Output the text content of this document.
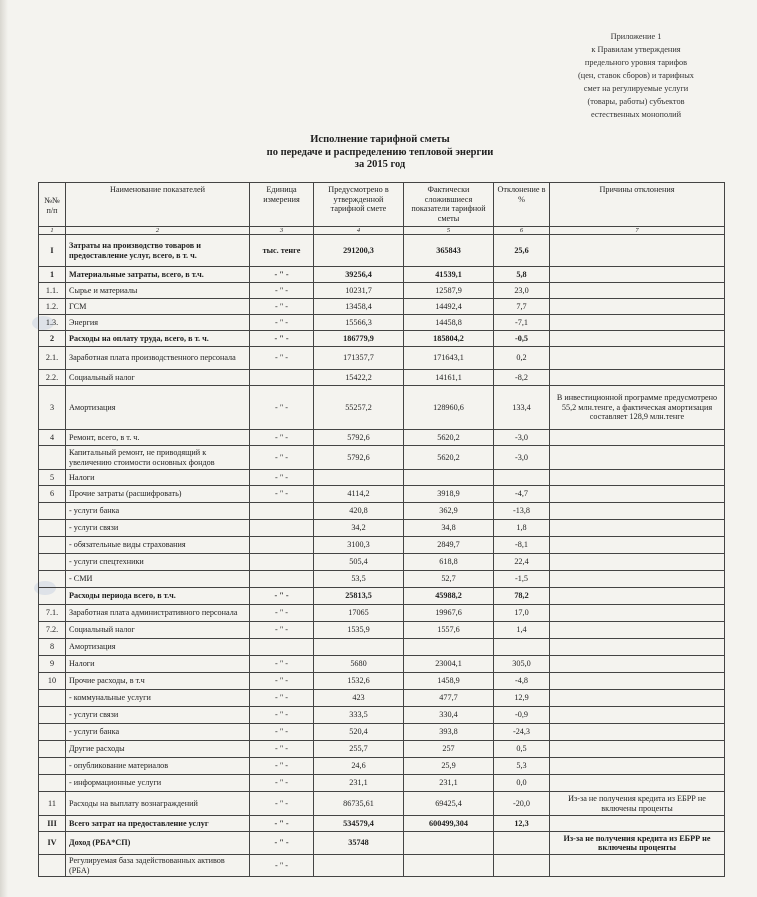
Приложение 1
к Правилам утверждения
предельного уровня тарифов
(цен, ставок сборов) и тарифных
смет на регулируемые услуги
(товары, работы) субъектов
естественных монополий
Исполнение тарифной сметы
по передаче и распределению тепловой энергии
за 2015 год
№№ п/п	Наименование показателей	Единица измерения	Предусмотрено в утвержденной тарифной смете	Фактически сложившиеся показатели тарифной сметы	Отклонение в %	Причины отклонения
1	2	3	4	5	6	7
I	Затраты на производство товаров и предоставление услуг, всего, в т. ч.	тыс. тенге	291200,3	365843	25,6	
1	Материальные затраты, всего, в т.ч.	- " -	39256,4	41539,1	5,8	
1.1.	Сырье и материалы	- " -	10231,7	12587,9	23,0	
1.2.	ГСМ	- " -	13458,4	14492,4	7,7	
1.3.	Энергия	- " -	15566,3	14458,8	-7,1	
2	Расходы на оплату труда, всего, в т. ч.	- " -	186779,9	185804,2	-0,5	
2.1.	Заработная плата производственного персонала	- " -	171357,7	171643,1	0,2	
2.2.	Социальный налог		15422,2	14161,1	-8,2	
3	Амортизация	- " -	55257,2	128960,6	133,4	В инвестиционной программе предусмотрено 55,2 млн.тенге, а фактическая амортизация составляет 128,9 млн.тенге
4	Ремонт, всего, в т. ч.	- " -	5792,6	5620,2	-3,0	
	Капитальный ремонт, не приводящий к увеличению стоимости основных фондов	- " -	5792,6	5620,2	-3,0	
5	Налоги	- " -				
6	Прочие затраты (расшифровать)	- " -	4114,2	3918,9	-4,7	
	- услуги банка		420,8	362,9	-13,8	
	- услуги связи		34,2	34,8	1,8	
	- обязательные виды страхования		3100,3	2849,7	-8,1	
	- услуги спецтехники		505,4	618,8	22,4	
	- СМИ		53,5	52,7	-1,5	
	Расходы периода всего, в т.ч.	- " -	25813,5	45988,2	78,2	
7.1.	Заработная плата административного персонала	- " -	17065	19967,6	17,0	
7.2.	Социальный налог	- " -	1535,9	1557,6	1,4	
8	Амортизация					
9	Налоги	- " -	5680	23004,1	305,0	
10	Прочие расходы, в т.ч	- " -	1532,6	1458,9	-4,8	
	- коммунальные услуги	- " -	423	477,7	12,9	
	- услуги связи	- " -	333,5	330,4	-0,9	
	- услуги банка	- " -	520,4	393,8	-24,3	
	Другие расходы	- " -	255,7	257	0,5	
	- опубликование материалов	- " -	24,6	25,9	5,3	
	- информационные услуги	- " -	231,1	231,1	0,0	
11	Расходы на выплату вознаграждений	- " -	86735,61	69425,4	-20,0	Из-за не получения кредита из ЕБРР не включены проценты
III	Всего затрат на предоставление услуг	- " -	534579,4	600499,304	12,3	
IV	Доход (РБА*СП)	- " -	35748			Из-за не получения кредита из ЕБРР не включены проценты
	Регулируемая база задействованных активов (РБА)	- " -				
